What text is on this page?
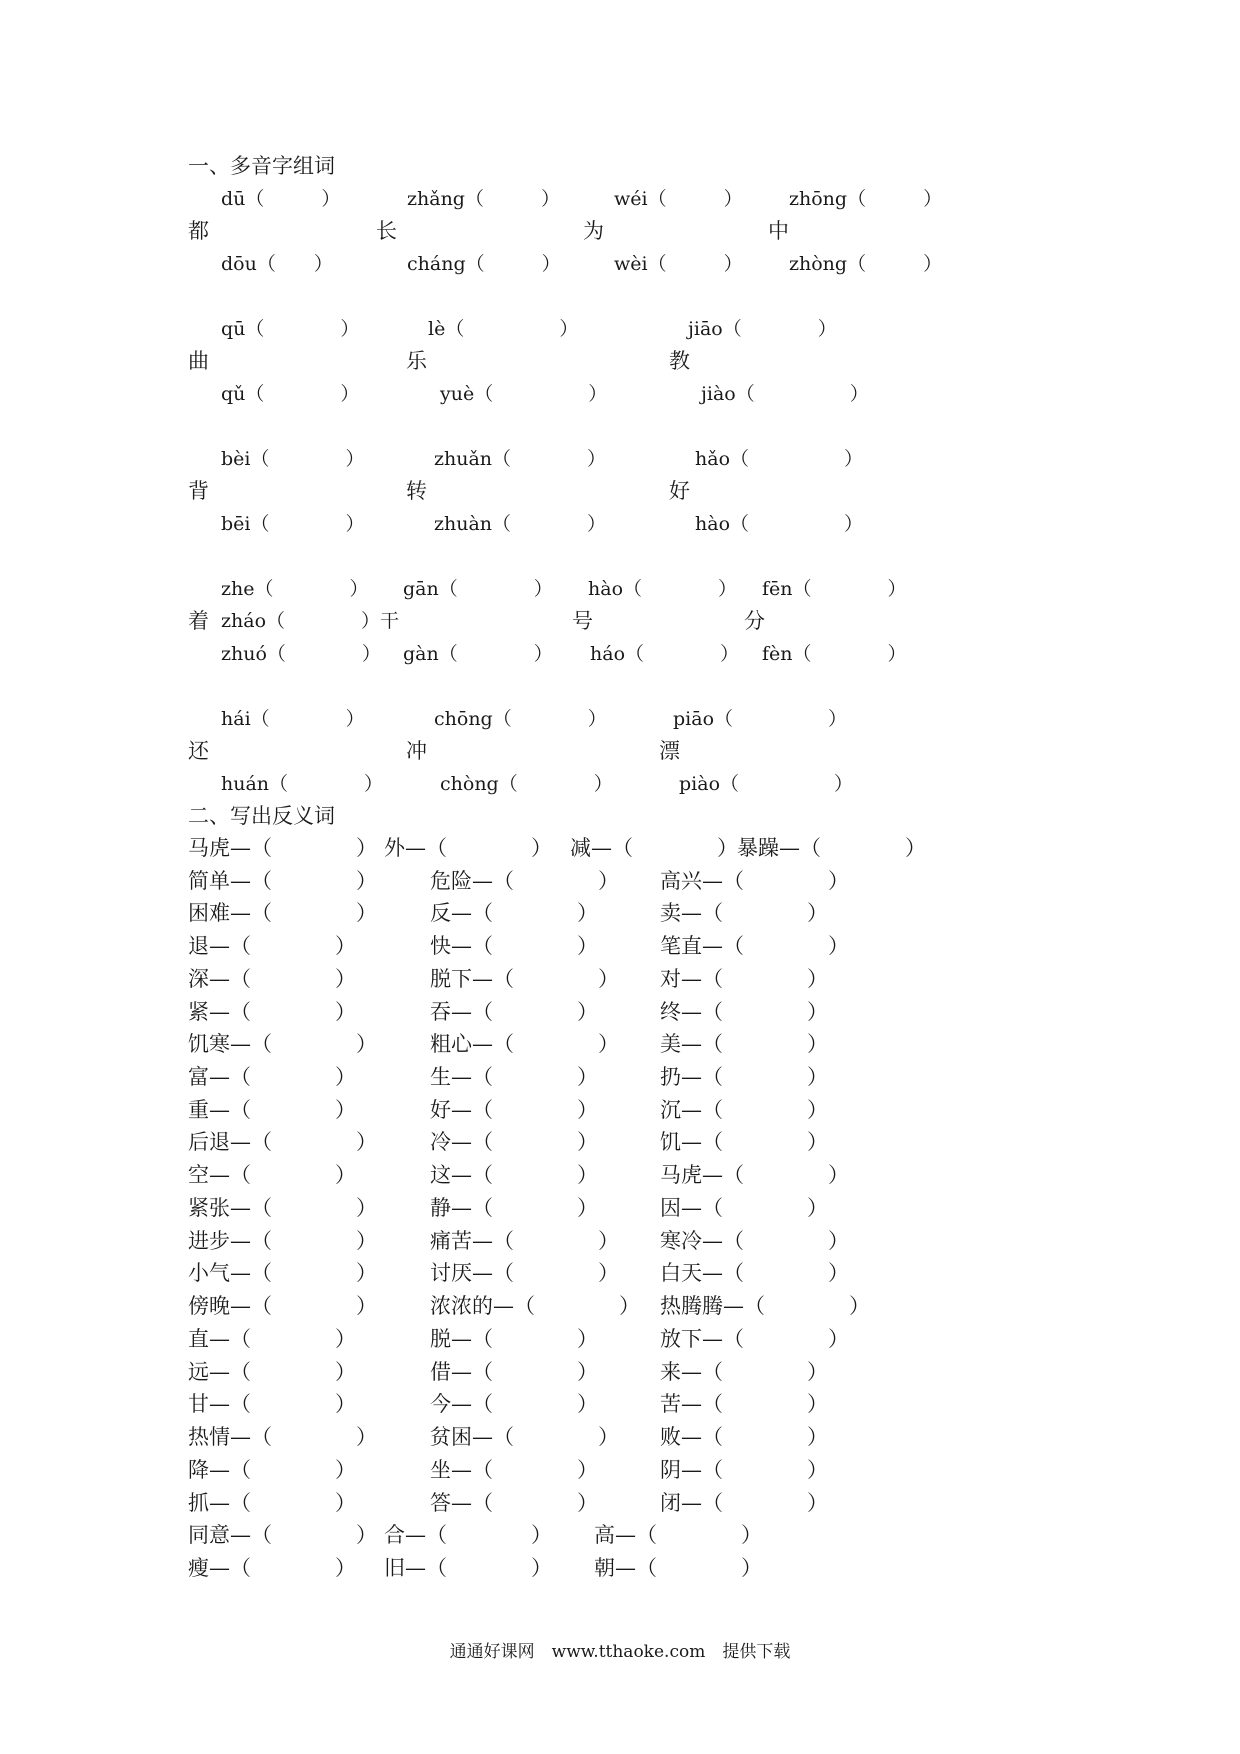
一、多音字组词
dū（　　　）	zhǎng（　　　）	wéi（　　　） zhōng（　　　）
都	长	为	中
dōu（　　）	cháng（　　　）	wèi（　　　） zhòng（　　　）
qū（　　　　）	lè（　　　　　）	jiāo（　　　　）
曲	乐	教
qǔ（　　　　）	yuè（　　　　　）	jiào（　　　　　）
bèi（　　　　）	zhuǎn（　　　　）	hǎo（　　　　　）
背	转	好
bēi（　　　　）	zhuàn（　　　　）	hào（　　　　　）
zhe（　　　　） gān（　　　　） hào（　　　　） fēn（　　　　）
着 zháo（　　　　）干	号	分
zhuó（　　　　） gàn（　　　　） háo（　　　　） fèn（　　　　）
hái（　　　　）	chōng（　　　　）	piāo（　　　　　）
还	冲	漂
huán（　　　　）	chòng（　　　　）	piào（　　　　　）
二、写出反义词
马虎—（　　　　） 外—（　　　　） 减—（　　　　） 暴躁—（　　　　）
简单—（　　　　）	危险—（　　　　） 高兴—（　　　　）
困难—（　　　　）	反—（　　　　）	卖—（　　　　）
退—（　　　　）	快—（　　　　）	笔直—（　　　　）
深—（　　　　）	脱下—（　　　　） 对—（　　　　）
紧—（　　　　）	吞—（　　　　）	终—（　　　　）
饥寒—（　　　　）	粗心—（　　　　） 美—（　　　　）
富—（　　　　）	生—（　　　　）	扔—（　　　　）
重—（　　　　）	好—（　　　　）	沉—（　　　　）
后退—（　　　　）	冷—（　　　　）	饥—（　　　　）
空—（　　　　）	这—（　　　　）	马虎—（　　　　）
紧张—（　　　　）	静—（　　　　）	因—（　　　　）
进步—（　　　　）	痛苦—（　　　　） 寒冷—（　　　　）
小气—（　　　　）	讨厌—（　　　　） 白天—（　　　　）
傍晚—（　　　　）	浓浓的—（　　　　） 热腾腾—（　　　　）
直—（　　　　）	脱—（　　　　）	放下—（　　　　）
远—（　　　　）	借—（　　　　）	来—（　　　　）
甘—（　　　　）	今—（　　　　）	苦—（　　　　）
热情—（　　　　）	贫困—（　　　　） 败—（　　　　）
降—（　　　　）	坐—（　　　　）	阴—（　　　　）
抓—（　　　　）	答—（　　　　）	闭—（　　　　）
同意—（　　　　） 合—（　　　　） 高—（　　　　）
瘦—（　　　　） 旧—（　　　　） 朝—（　　　　）
通通好课网　www.tthaoke.com　提供下载
